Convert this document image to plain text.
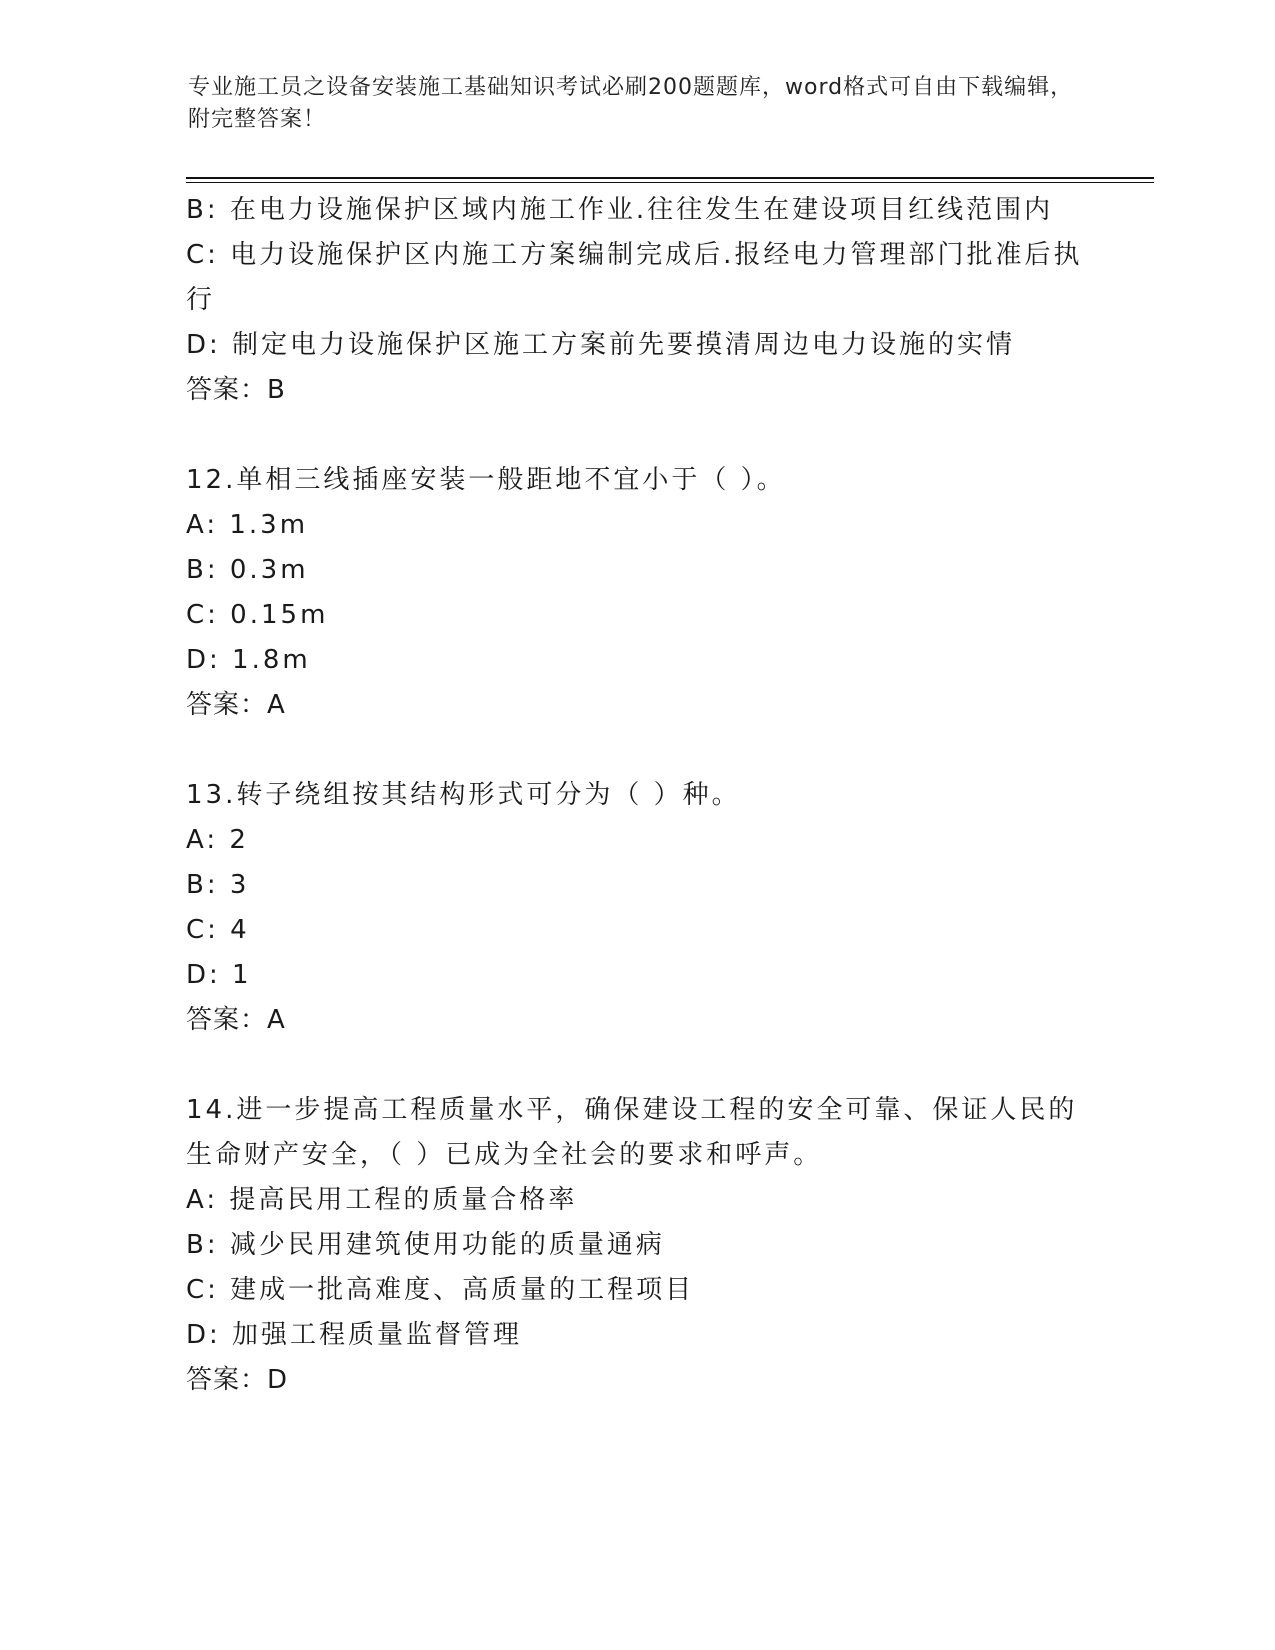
专业施工员之设备安装施工基础知识考试必刷200题题库，word格式可自由下载编辑，附完整答案！

B: 在电力设施保护区域内施工作业.往往发生在建设项目红线范围内

C: 电力设施保护区内施工方案编制完成后.报经电力管理部门批准后执行

D: 制定电力设施保护区施工方案前先要摸清周边电力设施的实情

答案：B

12.单相三线插座安装一般距地不宜小于（ ）。

A: 1.3m

B: 0.3m

C: 0.15m

D: 1.8m

答案：A

13.转子绕组按其结构形式可分为（ ）种。

A: 2

B: 3

C: 4

D: 1

答案：A

14.进一步提高工程质量水平，确保建设工程的安全可靠、保证人民的生命财产安全，（ ）已成为全社会的要求和呼声。

A: 提高民用工程的质量合格率

B: 减少民用建筑使用功能的质量通病

C: 建成一批高难度、高质量的工程项目

D: 加强工程质量监督管理

答案：D
